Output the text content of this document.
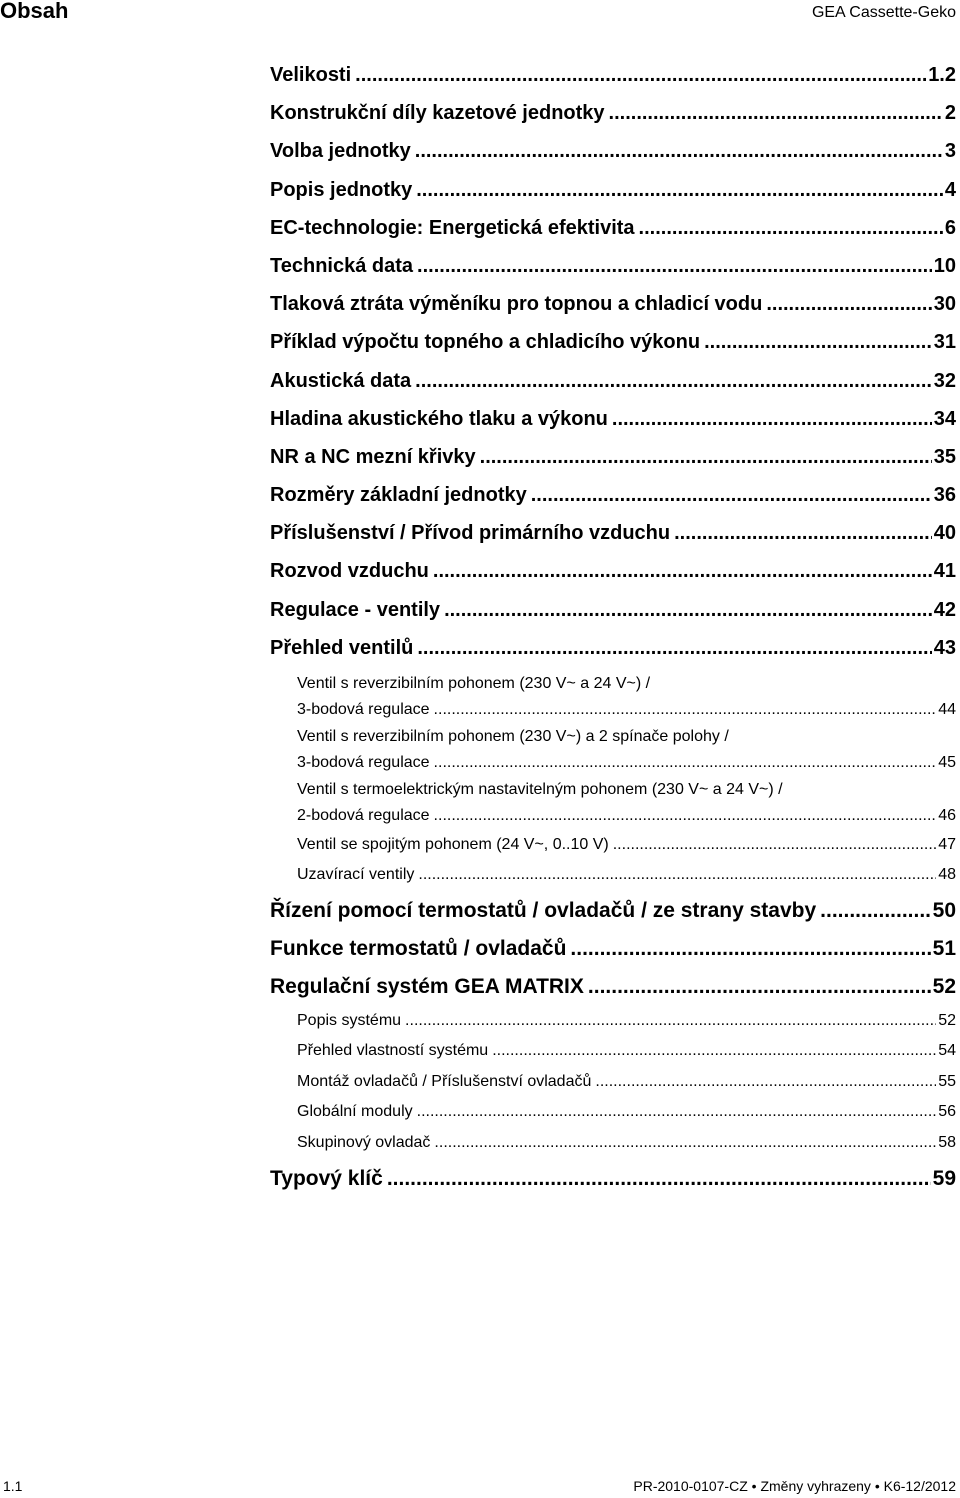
Obsah	GEA Cassette-Geko
Velikosti .....	1.2
Konstrukční díly kazetové jednotky .....	2
Volba jednotky .....	3
Popis jednotky .....	4
EC-technologie: Energetická efektivita .....	6
Technická data .....	10
Tlaková ztráta výměníku pro topnou a chladicí vodu .....	30
Příklad výpočtu topného a chladicího výkonu .....	31
Akustická data .....	32
Hladina akustického tlaku a výkonu .....	34
NR a NC mezní křivky .....	35
Rozměry základní jednotky .....	36
Příslušenství / Přívod primárního vzduchu .....	40
Rozvod vzduchu .....	41
Regulace - ventily .....	42
Přehled ventilů .....	43
Ventil s reverzibilním pohonem (230 V~ a 24 V~) /
3-bodová regulace .....	44
Ventil s reverzibilním pohonem (230 V~) a 2 spínače polohy /
3-bodová regulace .....	45
Ventil s termoelektrickým nastavitelným pohonem (230 V~ a 24 V~) /
2-bodová regulace .....	46
Ventil se spojitým pohonem (24 V~, 0..10 V) .....	47
Uzavírací ventily .....	48
Řízení pomocí termostatů / ovladačů / ze strany stavby .....	50
Funkce termostatů / ovladačů .....	51
Regulační systém GEA MATRIX .....	52
Popis systému .....	52
Přehled vlastností systému .....	54
Montáž ovladačů / Příslušenství ovladačů .....	55
Globální moduly .....	56
Skupinový ovladač .....	58
Typový klíč .....	59
1.1	PR-2010-0107-CZ • Změny vyhrazeny • K6-12/2012
